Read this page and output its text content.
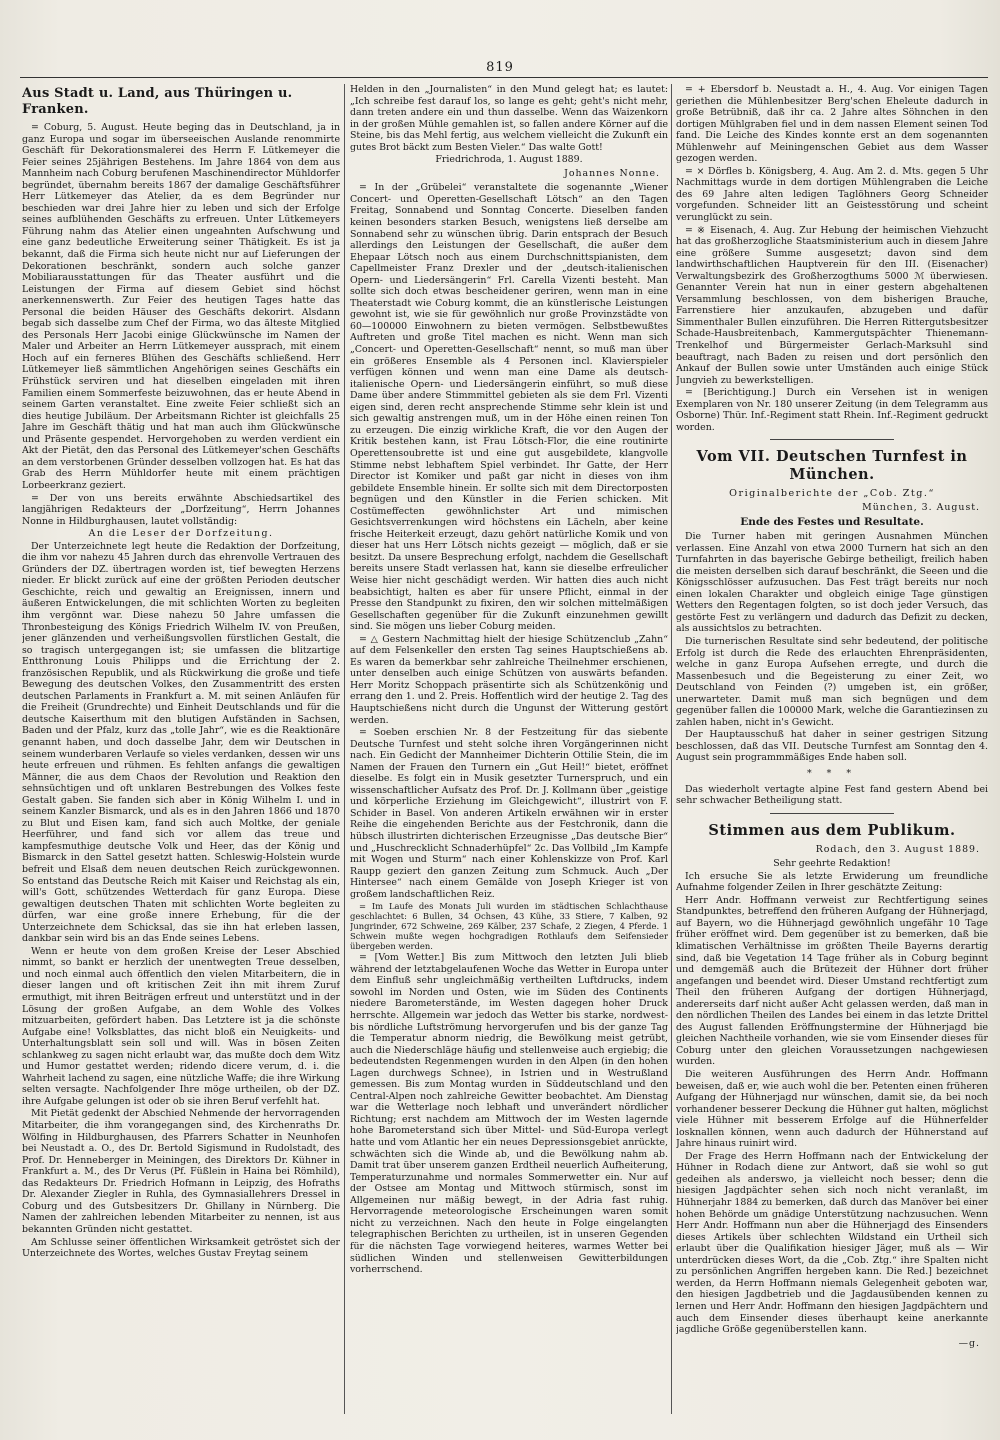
819
Aus Stadt u. Land, aus Thüringen u. Franken.

= Coburg, 5. August. Heute beging das in Deutschland, ja in ganz Europa und sogar im überseeischen Auslande renommirte Geschäft für Dekorationsmalerei des Herrn F. Lütkemeyer die Feier seines 25jährigen Bestehens. Im Jahre 1864 von dem aus Mannheim nach Coburg berufenen Maschinendirector Mühldorfer begründet, übernahm bereits 1867 der damalige Geschäftsführer Herr Lütkemeyer das Atelier, da es dem Begründer nur beschieden war drei Jahre hier zu leben und sich der Erfolge seines aufblühenden Geschäfts zu erfreuen. Unter Lütkemeyers Führung nahm das Atelier einen ungeahnten Aufschwung und eine ganz bedeutliche Erweiterung seiner Thätigkeit. Es ist ja bekannt, daß die Firma sich heute nicht nur auf Lieferungen der Dekorationen beschränkt, sondern auch solche ganzer Mobiliarausstattungen für das Theater ausführt und die Leistungen der Firma auf diesem Gebiet sind höchst anerkennenswerth. Zur Feier des heutigen Tages hatte das Personal die beiden Häuser des Geschäfts dekorirt. Alsdann begab sich dasselbe zum Chef der Firma, wo das älteste Mitglied des Personals Herr Jacobi einige Glückwünsche im Namen der Maler und Arbeiter an Herrn Lütkemeyer aussprach, mit einem Hoch auf ein ferneres Blühen des Geschäfts schließend. Herr Lütkemeyer ließ sämmtlichen Angehörigen seines Geschäfts ein Frühstück serviren und hat dieselben eingeladen mit ihren Familien einem Sommerfeste beizuwohnen, das er heute Abend in seinem Garten veranstaltet. Eine zweite Feier schließt sich an dies heutige Jubiläum. Der Arbeitsmann Richter ist gleichfalls 25 Jahre im Geschäft thätig und hat man auch ihm Glückwünsche und Präsente gespendet. Hervorgehoben zu werden verdient ein Akt der Pietät, den das Personal des Lütkemeyer'schen Geschäfts an dem verstorbenen Gründer desselben vollzogen hat. Es hat das Grab des Herrn Mühldorfer heute mit einem prächtigen Lorbeerkranz geziert.

= Der von uns bereits erwähnte Abschiedsartikel des langjährigen Redakteurs der „Dorfzeitung“, Herrn Johannes Nonne in Hildburghausen, lautet vollständig:

An die Leser der Dorfzeitung.

Der Unterzeichnete legt heute die Redaktion der Dorfzeitung, die ihm vor nahezu 45 Jahren durch das ehrenvolle Vertrauen des Gründers der DZ. übertragen worden ist, tief bewegten Herzens nieder. Er blickt zurück auf eine der größten Perioden deutscher Geschichte, reich und gewaltig an Ereignissen, innern und äußeren Entwickelungen, die mit schlichten Worten zu begleiten ihm vergönnt war. Diese nahezu 50 Jahre umfassen die Thronbesteigung des Königs Friedrich Wilhelm IV. von Preußen, jener glänzenden und verheißungsvollen fürstlichen Gestalt, die so tragisch untergegangen ist; sie umfassen die blitzartige Entthronung Louis Philipps und die Errichtung der 2. französischen Republik, und als Rückwirkung die große und tiefe Bewegung des deutschen Volkes, den Zusammentritt des ersten deutschen Parlaments in Frankfurt a. M. mit seinen Anläufen für die Freiheit (Grundrechte) und Einheit Deutschlands und für die deutsche Kaiserthum mit den blutigen Aufständen in Sachsen, Baden und der Pfalz, kurz das „tolle Jahr“, wie es die Reaktionäre genannt haben, und doch dasselbe Jahr, dem wir Deutschen in seinem wunderbaren Verlaufe so vieles verdanken, dessen wir uns heute erfreuen und rühmen. Es fehlten anfangs die gewaltigen Männer, die aus dem Chaos der Revolution und Reaktion den sehnsüchtigen und oft unklaren Bestrebungen des Volkes feste Gestalt gaben. Sie fanden sich aber in König Wilhelm I. und in seinem Kanzler Bismarck, und als es in den Jahren 1866 und 1870 zu Blut und Eisen kam, fand sich auch Moltke, der geniale Heerführer, und fand sich vor allem das treue und kampfesmuthige deutsche Volk und Heer, das der König und Bismarck in den Sattel gesetzt hatten. Schleswig-Holstein wurde befreit und Elsaß dem neuen deutschen Reich zurückgewonnen. So entstand das Deutsche Reich mit Kaiser und Reichstag als ein, will's Gott, schützendes Wetterdach für ganz Europa. Diese gewaltigen deutschen Thaten mit schlichten Worte begleiten zu dürfen, war eine große innere Erhebung, für die der Unterzeichnete dem Schicksal, das sie ihn hat erleben lassen, dankbar sein wird bis an das Ende seines Lebens.

Wenn er heute von dem großen Kreise der Leser Abschied nimmt, so bankt er herzlich der unentwegten Treue desselben, und noch einmal auch öffentlich den vielen Mitarbeitern, die in dieser langen und oft kritischen Zeit ihn mit ihrem Zuruf ermuthigt, mit ihren Beiträgen erfreut und unterstützt und in der Lösung der großen Aufgabe, an dem Wohle des Volkes mitzuarbeiten, gefördert haben. Das Letztere ist ja die schönste Aufgabe eine! Volksblattes, das nicht bloß ein Neuigkeits- und Unterhaltungsblatt sein soll und will. Was in bösen Zeiten schlankweg zu sagen nicht erlaubt war, das mußte doch dem Witz und Humor gestattet werden; ridendo dicere verum, d. i. die Wahrheit lachend zu sagen, eine nützliche Waffe; die ihre Wirkung selten versagte. Nachfolgender Ihre möge urtheilen, ob der DZ. ihre Aufgabe gelungen ist oder ob sie ihren Beruf verfehlt hat.

Mit Pietät gedenkt der Abschied Nehmende der hervorragenden Mitarbeiter, die ihm vorangegangen sind, des Kirchenraths Dr. Wölfing in Hildburghausen, des Pfarrers Schatter in Neunhofen bei Neustadt a. O., des Dr. Bertold Sigismund in Rudolstadt, des Prof. Dr. Henneberger in Meiningen, des Direktors Dr. Kühner in Frankfurt a. M., des Dr Verus (Pf. Füßlein in Haina bei Römhild), das Redakteurs Dr. Friedrich Hofmann in Leipzig, des Hofraths Dr. Alexander Ziegler in Ruhla, des Gymnasiallehrers Dressel in Coburg und des Gutsbesitzers Dr. Ghillany in Nürnberg. Die Namen der zahlreichen lebenden Mitarbeiter zu nennen, ist aus bekannten Gründen nicht gestattet.

Am Schlusse seiner öffentlichen Wirksamkeit getröstet sich der Unterzeichnete des Wortes, welches Gustav Freytag seinem

Helden in den „Journalisten“ in den Mund gelegt hat; es lautet: „Ich schreibe fest darauf los, so lange es geht; geht's nicht mehr, dann treten andere ein und thun dasselbe. Wenn das Waizenkorn in der großen Mühle gemahlen ist, so fallen andere Körner auf die Steine, bis das Mehl fertig, aus welchem vielleicht die Zukunft ein gutes Brot bäckt zum Besten Vieler.“ Das walte Gott!

Friedrichroda, 1. August 1889.

Johannes Nonne.

= In der „Grübelei“ veranstaltete die sogenannte „Wiener Concert- und Operetten-Gesellschaft Lötsch“ an den Tagen Freitag, Sonnabend und Sonntag Concerte. Dieselben fanden keinen besonders starken Besuch, wenigstens ließ derselbe am Sonnabend sehr zu wünschen übrig. Darin entsprach der Besuch allerdings den Leistungen der Gesellschaft, die außer dem Ehepaar Lötsch noch aus einem Durchschnittspianisten, dem Capellmeister Franz Drexler und der „deutsch-italienischen Opern- und Liedersängerin“ Frl. Carella Vizenti besteht. Man sollte sich doch etwas bescheidener geriren, wenn man in eine Theaterstadt wie Coburg kommt, die an künstlerische Leistungen gewohnt ist, wie sie für gewöhnlich nur große Provinzstädte von 60—100000 Einwohnern zu bieten vermögen. Selbstbewußtes Auftreten und große Titel machen es nicht. Wenn man sich „Concert- und Operetten-Gesellschaft“ nennt, so muß man über ein größeres Ensemble als 4 Personen incl. Klavierspieler verfügen können und wenn man eine Dame als deutsch-italienische Opern- und Liedersängerin einführt, so muß diese Dame über andere Stimmmittel gebieten als sie dem Frl. Vizenti eigen sind, deren recht ansprechende Stimme sehr klein ist und sich gewaltig anstrengen muß, um in der Höhe einen reinen Ton zu erzeugen. Die einzig wirkliche Kraft, die vor den Augen der Kritik bestehen kann, ist Frau Lötsch-Flor, die eine routinirte Operettensoubrette ist und eine gut ausgebildete, klangvolle Stimme nebst lebhaftem Spiel verbindet. Ihr Gatte, der Herr Director ist Komiker und paßt gar nicht in dieses von ihm gebildete Ensemble hinein. Er sollte sich mit dem Directorposten begnügen und den Künstler in die Ferien schicken. Mit Costümeffecten gewöhnlichster Art und mimischen Gesichtsverrenkungen wird höchstens ein Lächeln, aber keine frische Heiterkeit erzeugt, dazu gehört natürliche Komik und von dieser hat uns Herr Lötsch nichts gezeigt — möglich, daß er sie besitzt. Da unsere Besprechung erfolgt, nachdem die Gesellschaft bereits unsere Stadt verlassen hat, kann sie dieselbe erfreulicher Weise hier nicht geschädigt werden. Wir hatten dies auch nicht beabsichtigt, halten es aber für unsere Pflicht, einmal in der Presse den Standpunkt zu fixiren, den wir solchen mittelmäßigen Gesellschaften gegenüber für die Zukunft einzunehmen gewillt sind. Sie mögen uns lieber Coburg meiden.

= △ Gestern Nachmittag hielt der hiesige Schützenclub „Zahn“ auf dem Felsenkeller den ersten Tag seines Hauptschießens ab. Es waren da bemerkbar sehr zahlreiche Theilnehmer erschienen, unter denselben auch einige Schützen von auswärts befanden. Herr Moritz Schoppach präsentirte sich als Schützenkönig und errang den 1. und 2. Preis. Hoffentlich wird der heutige 2. Tag des Hauptschießens nicht durch die Ungunst der Witterung gestört werden.

= Soeben erschien Nr. 8 der Festzeitung für das siebente Deutsche Turnfest und steht solche ihren Vorgängerinnen nicht nach. Ein Gedicht der Mannheimer Dichterin Ottilie Stein, die im Namen der Frauen den Turnern ein „Gut Heil!“ bietet, eröffnet dieselbe. Es folgt ein in Musik gesetzter Turnerspruch, und ein wissenschaftlicher Aufsatz des Prof. Dr. J. Kollmann über „geistige und körperliche Erziehung im Gleichgewicht“, illustrirt von F. Schider in Basel. Von anderen Artikeln erwähnen wir in erster Reihe die eingehenden Berichte aus der Festchronik, dann die hübsch illustrirten dichterischen Erzeugnisse „Das deutsche Bier“ und „Huschrecklicht Schnaderhüpfel“ 2c. Das Vollbild „Im Kampfe mit Wogen und Sturm“ nach einer Kohlenskizze von Prof. Karl Raupp geziert den ganzen Zeitung zum Schmuck. Auch „Der Hintersee“ nach einem Gemälde von Joseph Krieger ist von großem landschaftlichen Reiz.

= Im Laufe des Monats Juli wurden im städtischen Schlachthause geschlachtet: 6 Bullen, 34 Ochsen, 43 Kühe, 33 Stiere, 7 Kalben, 92 Jungrinder, 672 Schweine, 269 Kälber, 237 Schafe, 2 Ziegen, 4 Pferde. 1 Schwein mußte wegen hochgradigen Rothlaufs dem Seifensieder übergeben werden.

= [Vom Wetter.] Bis zum Mittwoch den letzten Juli blieb während der letztabgelaufenen Woche das Wetter in Europa unter dem Einfluß sehr ungleichmäßig vertheilten Luftdrucks, indem sowohl im Norden und Osten, wie im Süden des Continents niedere Barometerstände, im Westen dagegen hoher Druck herrschte. Allgemein war jedoch das Wetter bis starke, nordwest- bis nördliche Luftströmung hervorgerufen und bis der ganze Tag die Temperatur abnorm niedrig, die Bewölkung meist getrübt, auch die Niederschläge häufig und stellenweise auch ergiebig; die bedeutendsten Regenmengen wurden in den Alpen (in den hohen Lagen durchwegs Schnee), in Istrien und in Westrußland gemessen. Bis zum Montag wurden in Süddeutschland und den Central-Alpen noch zahlreiche Gewitter beobachtet. Am Dienstag war die Wetterlage noch lebhaft und unverändert nördlicher Richtung; erst nachdem am Mittwoch der im Westen lagernde hohe Barometerstand sich über Mittel- und Süd-Europa verlegt hatte und vom Atlantic her ein neues Depressionsgebiet anrückte, schwächten sich die Winde ab, und die Bewölkung nahm ab. Damit trat über unserem ganzen Erdtheil neuerlich Aufheiterung, Temperaturzunahme und normales Sommerwetter ein. Nur auf der Ostsee am Montag und Mittwoch stürmisch, sonst im Allgemeinen nur mäßig bewegt, in der Adria fast ruhig. Hervorragende meteorologische Erscheinungen waren somit nicht zu verzeichnen. Nach den heute in Folge eingelangten telegraphischen Berichten zu urtheilen, ist in unseren Gegenden für die nächsten Tage vorwiegend heiteres, warmes Wetter bei südlichen Winden und stellenweisen Gewitterbildungen vorherrschend.

= + Ebersdorf b. Neustadt a. H., 4. Aug. Vor einigen Tagen geriethen die Mühlenbesitzer Berg'schen Eheleute dadurch in große Betrübniß, daß ihr ca. 2 Jahre altes Söhnchen in den dortigen Mühlgraben fiel und in dem nassen Element seinen Tod fand. Die Leiche des Kindes konnte erst an dem sogenannten Mühlenwehr auf Meiningenschen Gebiet aus dem Wasser gezogen werden.

= × Dörfles b. Königsberg, 4. Aug. Am 2. d. Mts. gegen 5 Uhr Nachmittags wurde in dem dortigen Mühlengraben die Leiche des 69 Jahre alten ledigen Taglöhners Georg Schneider vorgefunden. Schneider litt an Geistesstörung und scheint verunglückt zu sein.

= ※ Eisenach, 4. Aug. Zur Hebung der heimischen Viehzucht hat das großherzogliche Staatsministerium auch in diesem Jahre eine größere Summe ausgesetzt; davon sind dem landwirthschaftlichen Hauptverein für den III. (Eisenacher) Verwaltungsbezirk des Großherzogthums 5000 ℳ überwiesen. Genannter Verein hat nun in einer gestern abgehaltenen Versammlung beschlossen, von dem bisherigen Brauche, Farrenstiere hier anzukaufen, abzugeben und dafür Simmenthaler Bullen einzuführen. Die Herren Rittergutsbesitzer Schade-Hausbreitenbach, Kammergutspächter Thienemann-Trenkelhof und Bürgermeister Gerlach-Marksuhl sind beauftragt, nach Baden zu reisen und dort persönlich den Ankauf der Bullen sowie unter Umständen auch einige Stück Jungvieh zu bewerkstelligen.

= [Berichtigung.] Durch ein Versehen ist in wenigen Exemplaren von Nr. 180 unserer Zeitung (in dem Telegramm aus Osborne) Thür. Inf.-Regiment statt Rhein. Inf.-Regiment gedruckt worden.

Vom VII. Deutschen Turnfest in München.
Originalberichte der „Cob. Ztg.“
München, 3. August.
Ende des Festes und Resultate.

Die Turner haben mit geringen Ausnahmen München verlassen. Eine Anzahl von etwa 2000 Turnern hat sich an den Turnfahrten in das bayerische Gebirge betheiligt, freilich haben die meisten derselben sich darauf beschränkt, die Seeen und die Königsschlösser aufzusuchen. Das Fest trägt bereits nur noch einen lokalen Charakter und obgleich einige Tage günstigen Wetters den Regentagen folgten, so ist doch jeder Versuch, das gestörte Fest zu verlängern und dadurch das Defizit zu decken, als aussichtslos zu betrachten.

Die turnerischen Resultate sind sehr bedeutend, der politische Erfolg ist durch die Rede des erlauchten Ehrenpräsidenten, welche in ganz Europa Aufsehen erregte, und durch die Massenbesuch und die Begeisterung zu einer Zeit, wo Deutschland von Feinden (?) umgeben ist, ein größer, unerwarteter. Damit muß man sich begnügen und dem gegenüber fallen die 100000 Mark, welche die Garantiezinsen zu zahlen haben, nicht in's Gewicht.

Der Hauptausschuß hat daher in seiner gestrigen Sitzung beschlossen, daß das VII. Deutsche Turnfest am Sonntag den 4. August sein programmmäßiges Ende haben soll.

* * *

Das wiederholt vertagte alpine Fest fand gestern Abend bei sehr schwacher Betheiligung statt.

Stimmen aus dem Publikum.
Rodach, den 3. August 1889.

Sehr geehrte Redaktion!

Ich ersuche Sie als letzte Erwiderung um freundliche Aufnahme folgender Zeilen in Ihrer geschätzte Zeitung:

Herr Andr. Hoffmann verweist zur Rechtfertigung seines Standpunktes, betreffend den früheren Aufgang der Hühnerjagd, auf Bayern, wo die Hühnerjagd gewöhnlich ungefähr 10 Tage früher eröffnet wird. Dem gegenüber ist zu bemerken, daß bie klimatischen Verhältnisse im größten Theile Bayerns derartig sind, daß bie Vegetation 14 Tage früher als in Coburg beginnt und demgemäß auch die Brütezeit der Hühner dort früher angefangen und beendet wird. Dieser Umstand rechtfertigt zum Theil den früheren Aufgang der dortigen Hühnerjagd, andererseits darf nicht außer Acht gelassen werden, daß man in den nördlichen Theilen des Landes bei einem in das letzte Drittel des August fallenden Eröffnungstermine der Hühnerjagd bie gleichen Nachtheile vorhanden, wie sie vom Einsender dieses für Coburg unter den gleichen Voraussetzungen nachgewiesen wurden.

Die weiteren Ausführungen des Herrn Andr. Hoffmann beweisen, daß er, wie auch wohl die ber. Petenten einen früheren Aufgang der Hühnerjagd nur wünschen, damit sie, da bei noch vorhandener besserer Deckung die Hühner gut halten, möglichst viele Hühner mit besserem Erfolge auf die Hühnerfelder losknallen können, wenn auch dadurch der Hühnerstand auf Jahre hinaus ruinirt wird.

Der Frage des Herrn Hoffmann nach der Entwickelung der Hühner in Rodach diene zur Antwort, daß sie wohl so gut gedeihen als anderswo, ja vielleicht noch besser; denn die hiesigen Jagdpächter sehen sich noch nicht veranlaßt, im Hühnerjahr 1884 zu bemerken, daß durch das Manöver bei einer hohen Behörde um gnädige Unterstützung nachzusuchen. Wenn Herr Andr. Hoffmann nun aber die Hühnerjagd des Einsenders dieses Artikels über schlechten Wildstand ein Urtheil sich erlaubt über die Qualifikation hiesiger Jäger, muß als — Wir unterdrücken dieses Wort, da die „Cob. Ztg.“ ihre Spalten nicht zu persönlichen Angriffen hergeben kann. Die Red.] bezeichnet werden, da Herrn Hoffmann niemals Gelegenheit geboten war, den hiesigen Jagdbetrieb und die Jagdausübenden kennen zu lernen und Herr Andr. Hoffmann den hiesigen Jagdpächtern und auch dem Einsender dieses überhaupt keine anerkannte jagdliche Größe gegenüberstellen kann.

—g.
